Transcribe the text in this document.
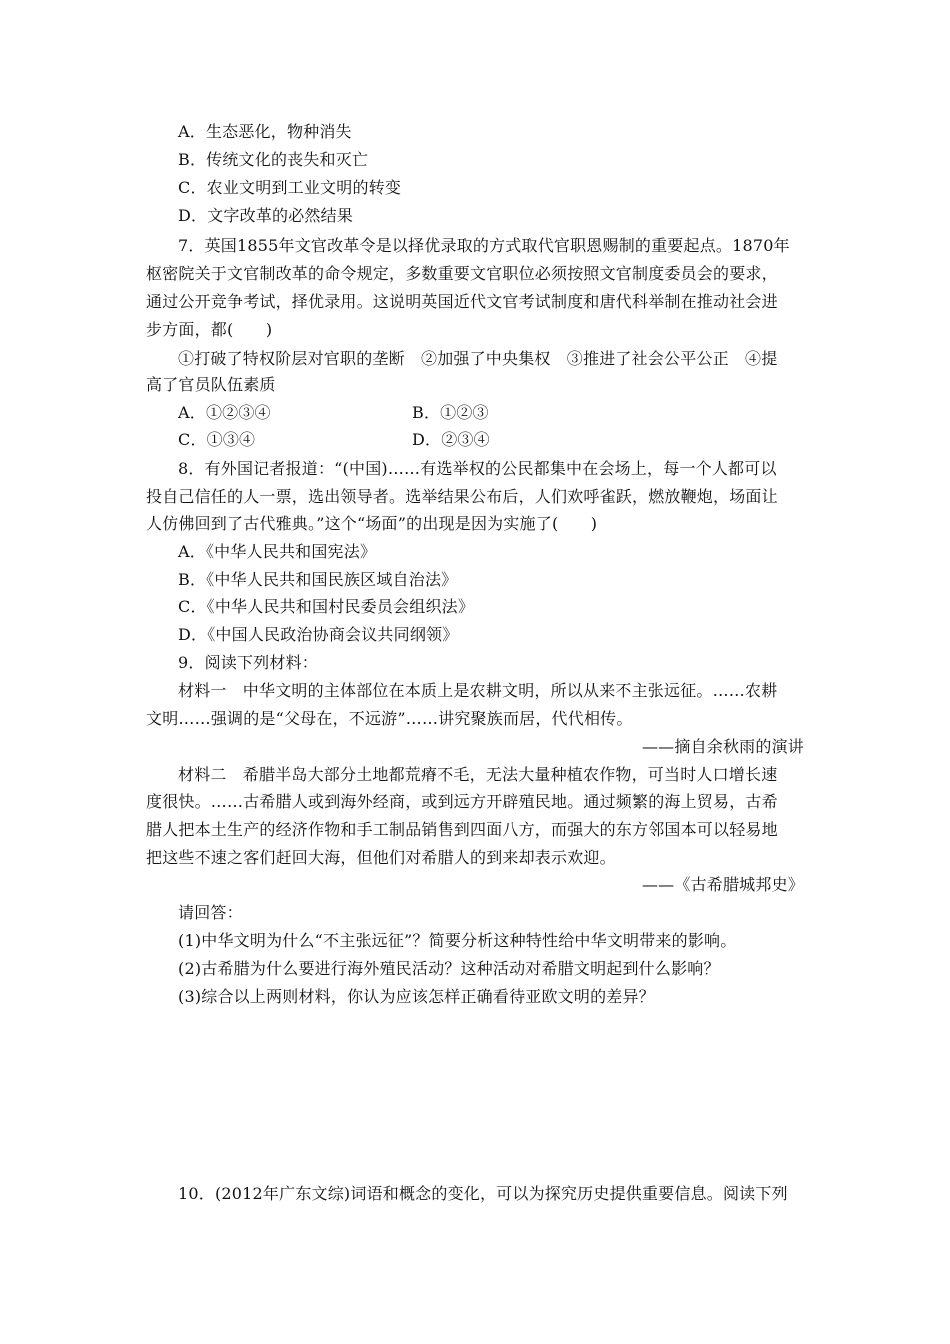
A．生态恶化，物种消失
B．传统文化的丧失和灭亡
C．农业文明到工业文明的转变
D．文字改革的必然结果
7．英国1855年文官改革令是以择优录取的方式取代官职恩赐制的重要起点。1870年
枢密院关于文官制改革的命令规定，多数重要文官职位必须按照文官制度委员会的要求，
通过公开竞争考试，择优录用。这说明英国近代文官考试制度和唐代科举制在推动社会进
步方面，都(　　)
①打破了特权阶层对官职的垄断　②加强了中央集权　③推进了社会公平公正　④提
高了官员队伍素质
A．①②③④	B．①②③
C．①③④	D．②③④
8．有外国记者报道：“(中国)……有选举权的公民都集中在会场上，每一个人都可以
投自己信任的人一票，选出领导者。选举结果公布后，人们欢呼雀跃，燃放鞭炮，场面让
人仿佛回到了古代雅典。”这个“场面”的出现是因为实施了(　　)
A．《中华人民共和国宪法》
B．《中华人民共和国民族区域自治法》
C．《中华人民共和国村民委员会组织法》
D．《中国人民政治协商会议共同纲领》
9．阅读下列材料：
材料一　中华文明的主体部位在本质上是农耕文明，所以从来不主张远征。……农耕
文明……强调的是“父母在，不远游”……讲究聚族而居，代代相传。
——摘自余秋雨的演讲
材料二　希腊半岛大部分土地都荒瘠不毛，无法大量种植农作物，可当时人口增长速
度很快。……古希腊人或到海外经商，或到远方开辟殖民地。通过频繁的海上贸易，古希
腊人把本土生产的经济作物和手工制品销售到四面八方，而强大的东方邻国本可以轻易地
把这些不速之客们赶回大海，但他们对希腊人的到来却表示欢迎。
——《古希腊城邦史》
请回答：
(1)中华文明为什么“不主张远征”？简要分析这种特性给中华文明带来的影响。
(2)古希腊为什么要进行海外殖民活动？这种活动对希腊文明起到什么影响？
(3)综合以上两则材料，你认为应该怎样正确看待亚欧文明的差异？
10．(2012年广东文综)词语和概念的变化，可以为探究历史提供重要信息。阅读下列
